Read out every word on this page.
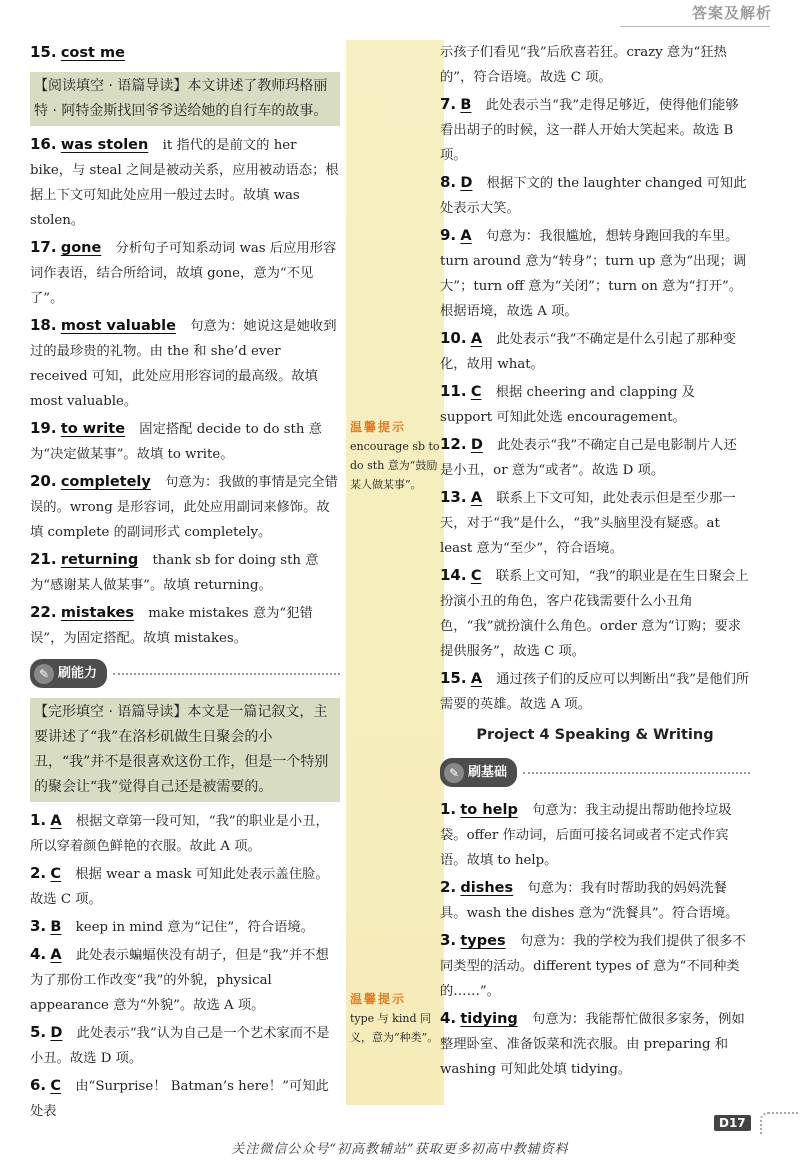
答案及解析
15. cost me
【阅读填空 · 语篇导读】本文讲述了教师玛格丽特 · 阿特金斯找回爷爷送给她的自行车的故事。
16. was stolen it 指代的是前文的 her bike，与 steal 之间是被动关系，应用被动语态；根据上下文可知此处应用一般过去时。故填 was stolen。
17. gone 分析句子可知系动词 was 后应用形容词作表语，结合所给词，故填 gone，意为“不见了”。
18. most valuable 句意为：她说这是她收到过的最珍贵的礼物。由 the 和 she’d ever received 可知，此处应用形容词的最高级。故填 most valuable。
19. to write 固定搭配 decide to do sth 意为“决定做某事”。故填 to write。
20. completely 句意为：我做的事情是完全错误的。wrong 是形容词，此处应用副词来修饰。故填 complete 的副词形式 completely。
21. returning thank sb for doing sth 意为“感谢某人做某事”。故填 returning。
22. mistakes make mistakes 意为“犯错误”，为固定搭配。故填 mistakes。
✎ 刷能力
【完形填空 · 语篇导读】本文是一篇记叙文，主要讲述了“我”在洛杉矶做生日聚会的小丑，“我”并不是很喜欢这份工作，但是一个特别的聚会让“我”觉得自己还是被需要的。
1. A 根据文章第一段可知，“我”的职业是小丑，所以穿着颜色鲜艳的衣服。故此 A 项。
2. C 根据 wear a mask 可知此处表示盖住脸。故选 C 项。
3. B keep in mind 意为“记住”，符合语境。
4. A 此处表示蝙蝠侠没有胡子，但是“我”并不想为了那份工作改变“我”的外貌，physical appearance 意为“外貌”。故选 A 项。
5. D 此处表示“我”认为自己是一个艺术家而不是小丑。故选 D 项。
6. C 由“Surprise！ Batman’s here！”可知此处表
示孩子们看见“我”后欣喜若狂。crazy 意为“狂热的”，符合语境。故选 C 项。
7. B 此处表示当“我”走得足够近，使得他们能够看出胡子的时候，这一群人开始大笑起来。故选 B 项。
8. D 根据下文的 the laughter changed 可知此处表示大笑。
9. A 句意为：我很尴尬，想转身跑回我的车里。turn around 意为“转身”；turn up 意为“出现；调大”；turn off 意为“关闭”；turn on 意为“打开”。根据语境，故选 A 项。
10. A 此处表示“我”不确定是什么引起了那种变化，故用 what。
11. C 根据 cheering and clapping 及 support 可知此处选 encouragement。
12. D 此处表示“我”不确定自己是电影制片人还是小丑，or 意为“或者”。故选 D 项。
13. A 联系上下文可知，此处表示但是至少那一天，对于“我”是什么，“我”头脑里没有疑惑。at least 意为“至少”，符合语境。
14. C 联系上文可知，“我”的职业是在生日聚会上扮演小丑的角色，客户花钱需要什么小丑角色，“我”就扮演什么角色。order 意为“订购；要求提供服务”，故选 C 项。
15. A 通过孩子们的反应可以判断出“我”是他们所需要的英雄。故选 A 项。
Project 4 Speaking & Writing
✎ 刷基础
1. to help 句意为：我主动提出帮助他拎垃圾袋。offer 作动词，后面可接名词或者不定式作宾语。故填 to help。
2. dishes 句意为：我有时帮助我的妈妈洗餐具。wash the dishes 意为“洗餐具”。符合语境。
3. types 句意为：我的学校为我们提供了很多不同类型的活动。different types of 意为“不同种类的……”。
4. tidying 句意为：我能帮忙做很多家务，例如整理卧室、准备饭菜和洗衣服。由 preparing 和 washing 可知此处填 tidying。
温馨提示
encourage sb to do sth 意为“鼓励某人做某事”。
温馨提示
type 与 kind 同义，意为“种类”。
D17
关注微信公众号“初高教辅站”获取更多初高中教辅资料
